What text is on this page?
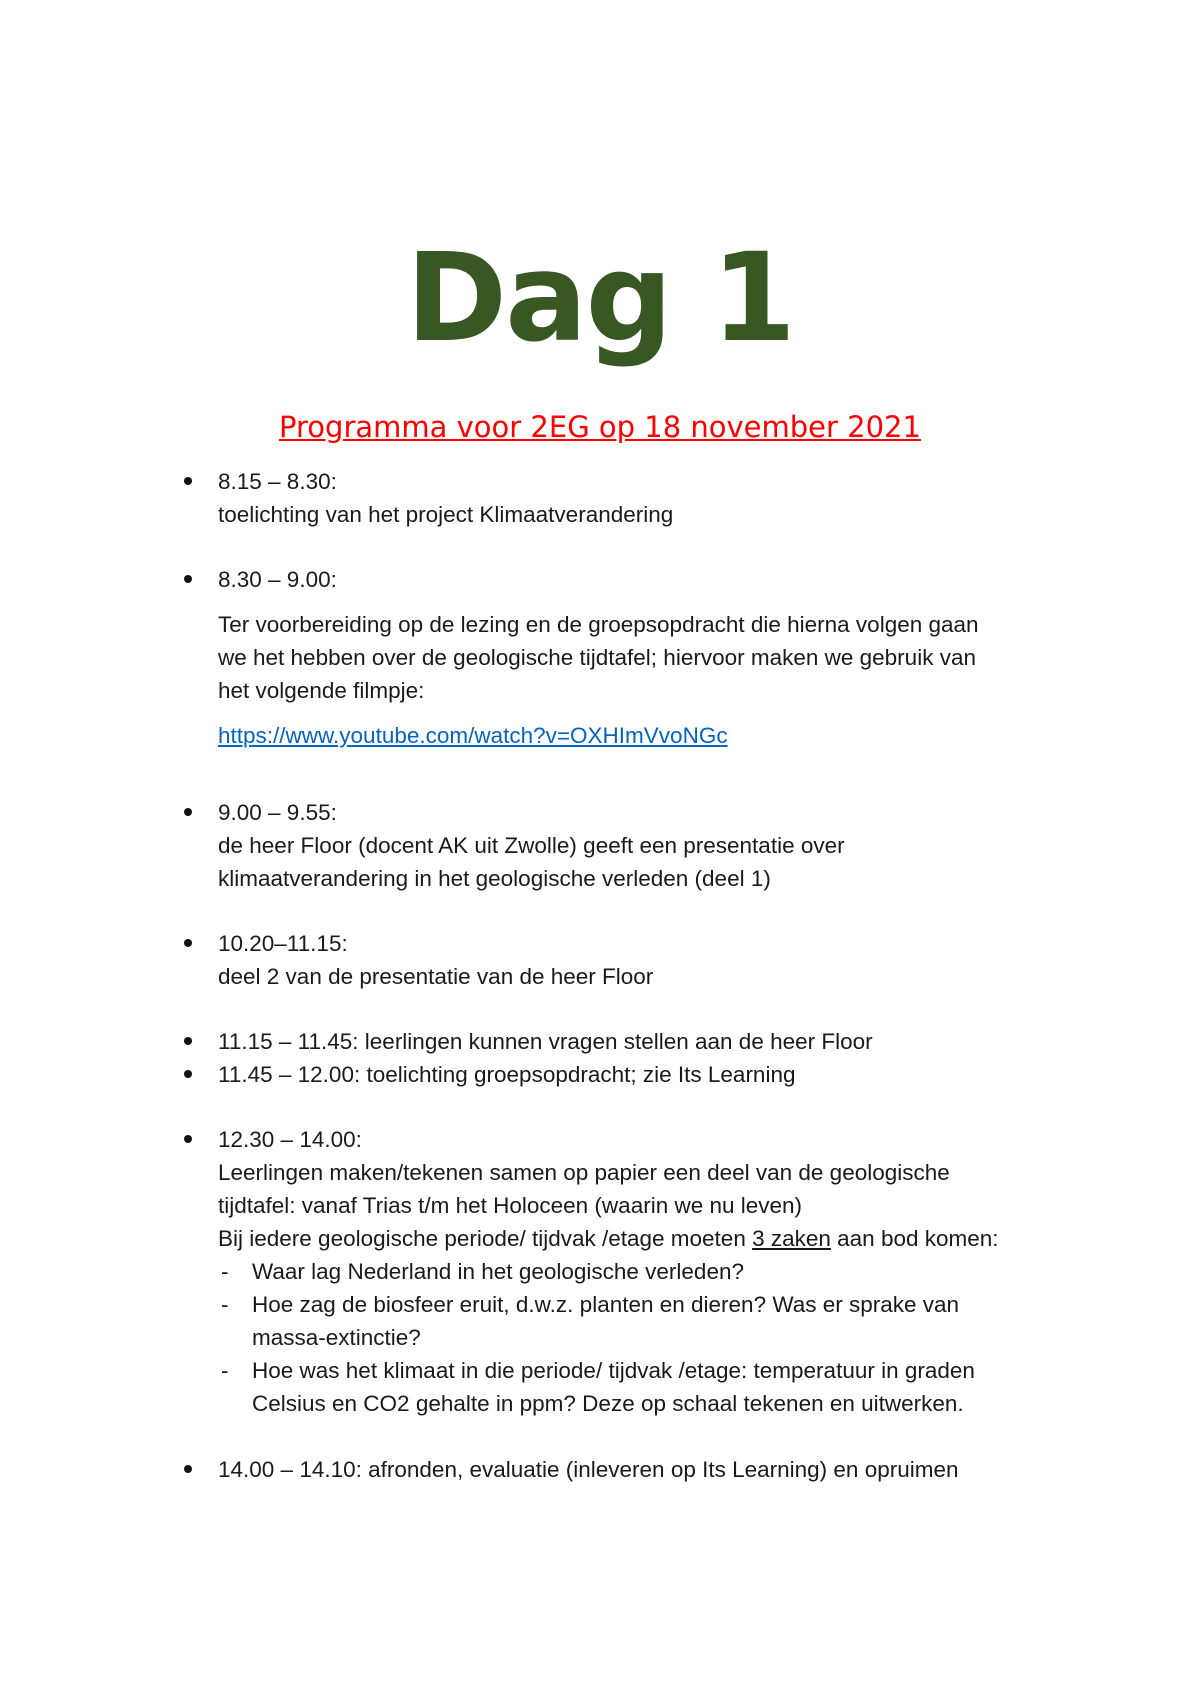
Dag 1
Programma voor 2EG op 18 november 2021
8.15 – 8.30:
toelichting van het project Klimaatverandering
8.30 – 9.00:
Ter voorbereiding op de lezing en de groepsopdracht die hierna volgen gaan
we het hebben over de geologische tijdtafel; hiervoor maken we gebruik van
het volgende filmpje:
https://www.youtube.com/watch?v=OXHImVvoNGc
9.00 – 9.55:
de heer Floor (docent AK uit Zwolle) geeft een presentatie over
klimaatverandering in het geologische verleden (deel 1)
10.20–11.15:
deel 2 van de presentatie van de heer Floor
11.15 – 11.45: leerlingen kunnen vragen stellen aan de heer Floor
11.45 – 12.00: toelichting groepsopdracht; zie Its Learning
12.30 – 14.00:
Leerlingen maken/tekenen samen op papier een deel van de geologische
tijdtafel: vanaf Trias t/m het Holoceen (waarin we nu leven)
Bij iedere geologische periode/ tijdvak /etage moeten 3 zaken aan bod komen:
- Waar lag Nederland in het geologische verleden?
- Hoe zag de biosfeer eruit, d.w.z. planten en dieren? Was er sprake van
massa-extinctie?
- Hoe was het klimaat in die periode/ tijdvak /etage: temperatuur in graden
Celsius en CO2 gehalte in ppm? Deze op schaal tekenen en uitwerken.
14.00 – 14.10: afronden, evaluatie (inleveren op Its Learning) en opruimen
